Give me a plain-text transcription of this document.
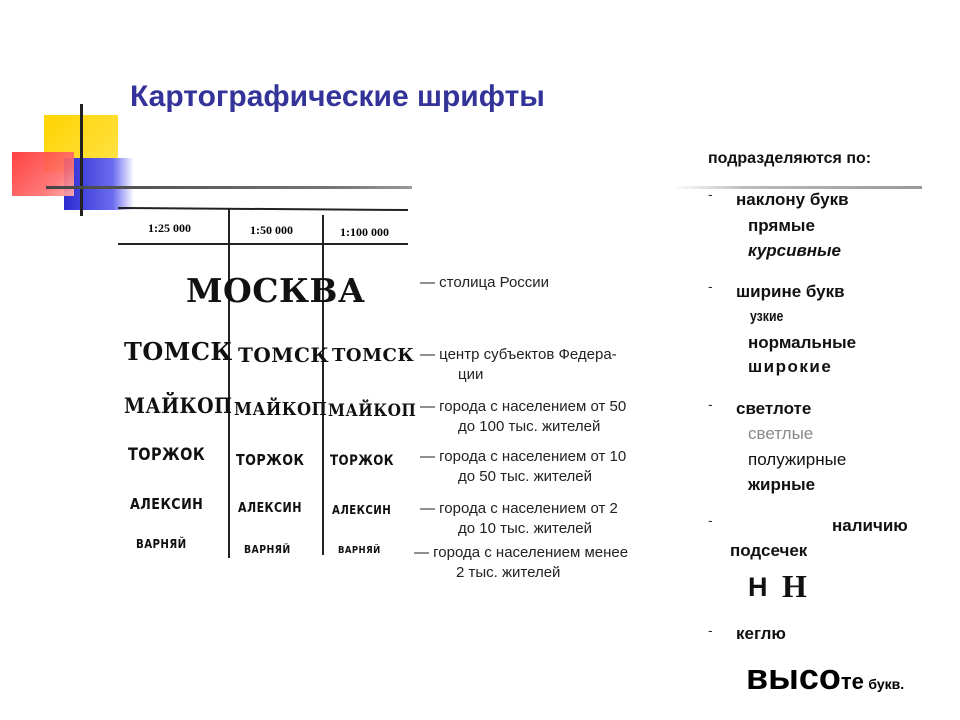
Картографические шрифты
1:25 000	1:50 000	1:100 000
МОСКВА	— столица России
ТОМСК ТОМСК ТОМСК — центр субъектов Федера-
ции
МАЙКОП МАЙКОП МАЙКОП — города с населением от 50
до 100 тыс. жителей
ТОРЖОК ТОРЖОК ТОРЖОК — города с населением от 10
до 50 тыс. жителей
АЛЕКСИН	АЛЕКСИН	АЛЕКСИН — города с населением от 2
до 10 тыс. жителей
ВАРНЯЙ	ВАРНЯЙ	ВАРНЯЙ — города с населением менее
2 тыс. жителей
подразделяются по:
- наклону букв
прямые
курсивные
- ширине букв
узкие
нормальные
широкие
- светлоте
светлые
полужирные
жирные
-	наличию
подсечек
Н Н
- кеглю
высоте букв.
